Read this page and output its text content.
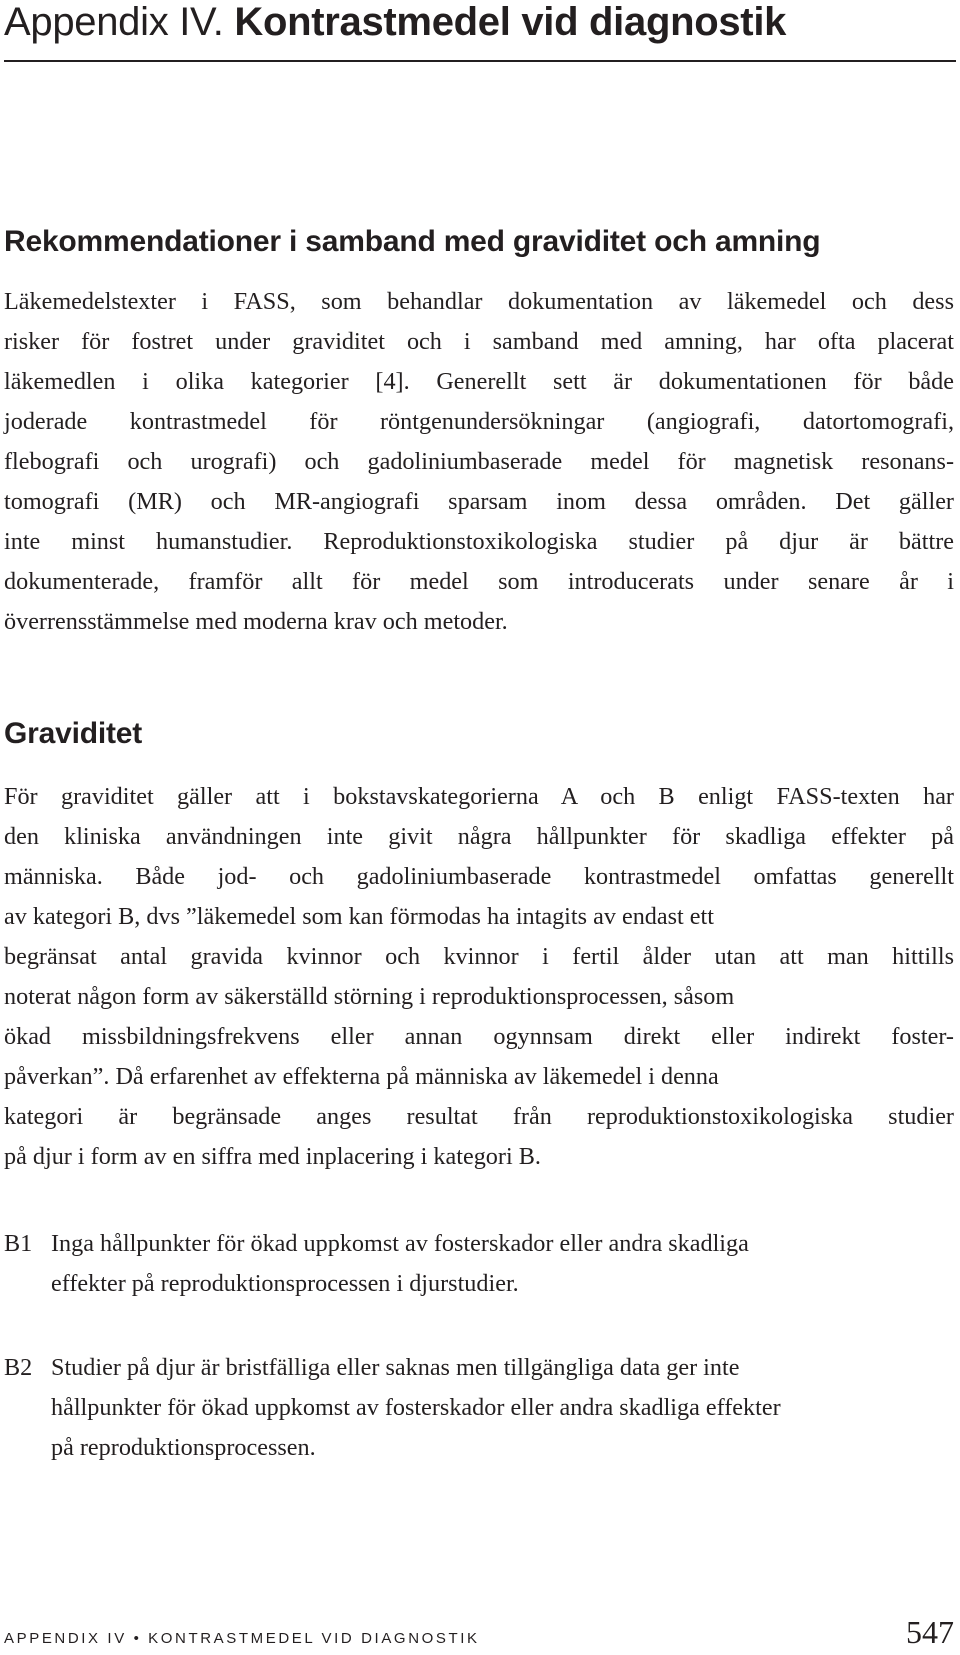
Appendix IV. Kontrastmedel vid diagnostik
Rekommendationer i samband med graviditet och amning
Läkemedelstexter i FASS, som behandlar dokumentation av läkemedel och dess
risker för fostret under graviditet och i samband med amning, har ofta placerat
läkemedlen i olika kategorier [4]. Generellt sett är dokumentationen för både
joderade kontrastmedel för röntgenundersökningar (angiografi, datortomografi,
flebografi och urografi) och gadoliniumbaserade medel för magnetisk resonans-
tomografi (MR) och MR-angiografi sparsam inom dessa områden. Det gäller
inte minst humanstudier. Reproduktionstoxikologiska studier på djur är bättre
dokumenterade, framför allt för medel som introducerats under senare år i
överrensstämmelse med moderna krav och metoder.
Graviditet
För graviditet gäller att i bokstavskategorierna A och B enligt FASS-texten har
den kliniska användningen inte givit några hållpunkter för skadliga effekter på
människa. Både jod- och gadoliniumbaserade kontrastmedel omfattas generellt
av kategori B, dvs ”läkemedel som kan förmodas ha intagits av endast ett
begränsat antal gravida kvinnor och kvinnor i fertil ålder utan att man hittills
noterat någon form av säkerställd störning i reproduktionsprocessen, såsom
ökad missbildningsfrekvens eller annan ogynnsam direkt eller indirekt foster-
påverkan”. Då erfarenhet av effekterna på människa av läkemedel i denna
kategori är begränsade anges resultat från reproduktionstoxikologiska studier
på djur i form av en siffra med inplacering i kategori B.
B1 Inga hållpunkter för ökad uppkomst av fosterskador eller andra skadliga
effekter på reproduktionsprocessen i djurstudier.
B2 Studier på djur är bristfälliga eller saknas men tillgängliga data ger inte
hållpunkter för ökad uppkomst av fosterskador eller andra skadliga effekter
på reproduktionsprocessen.
APPENDIX IV • KONTRASTMEDEL VID DIAGNOSTIK	547
